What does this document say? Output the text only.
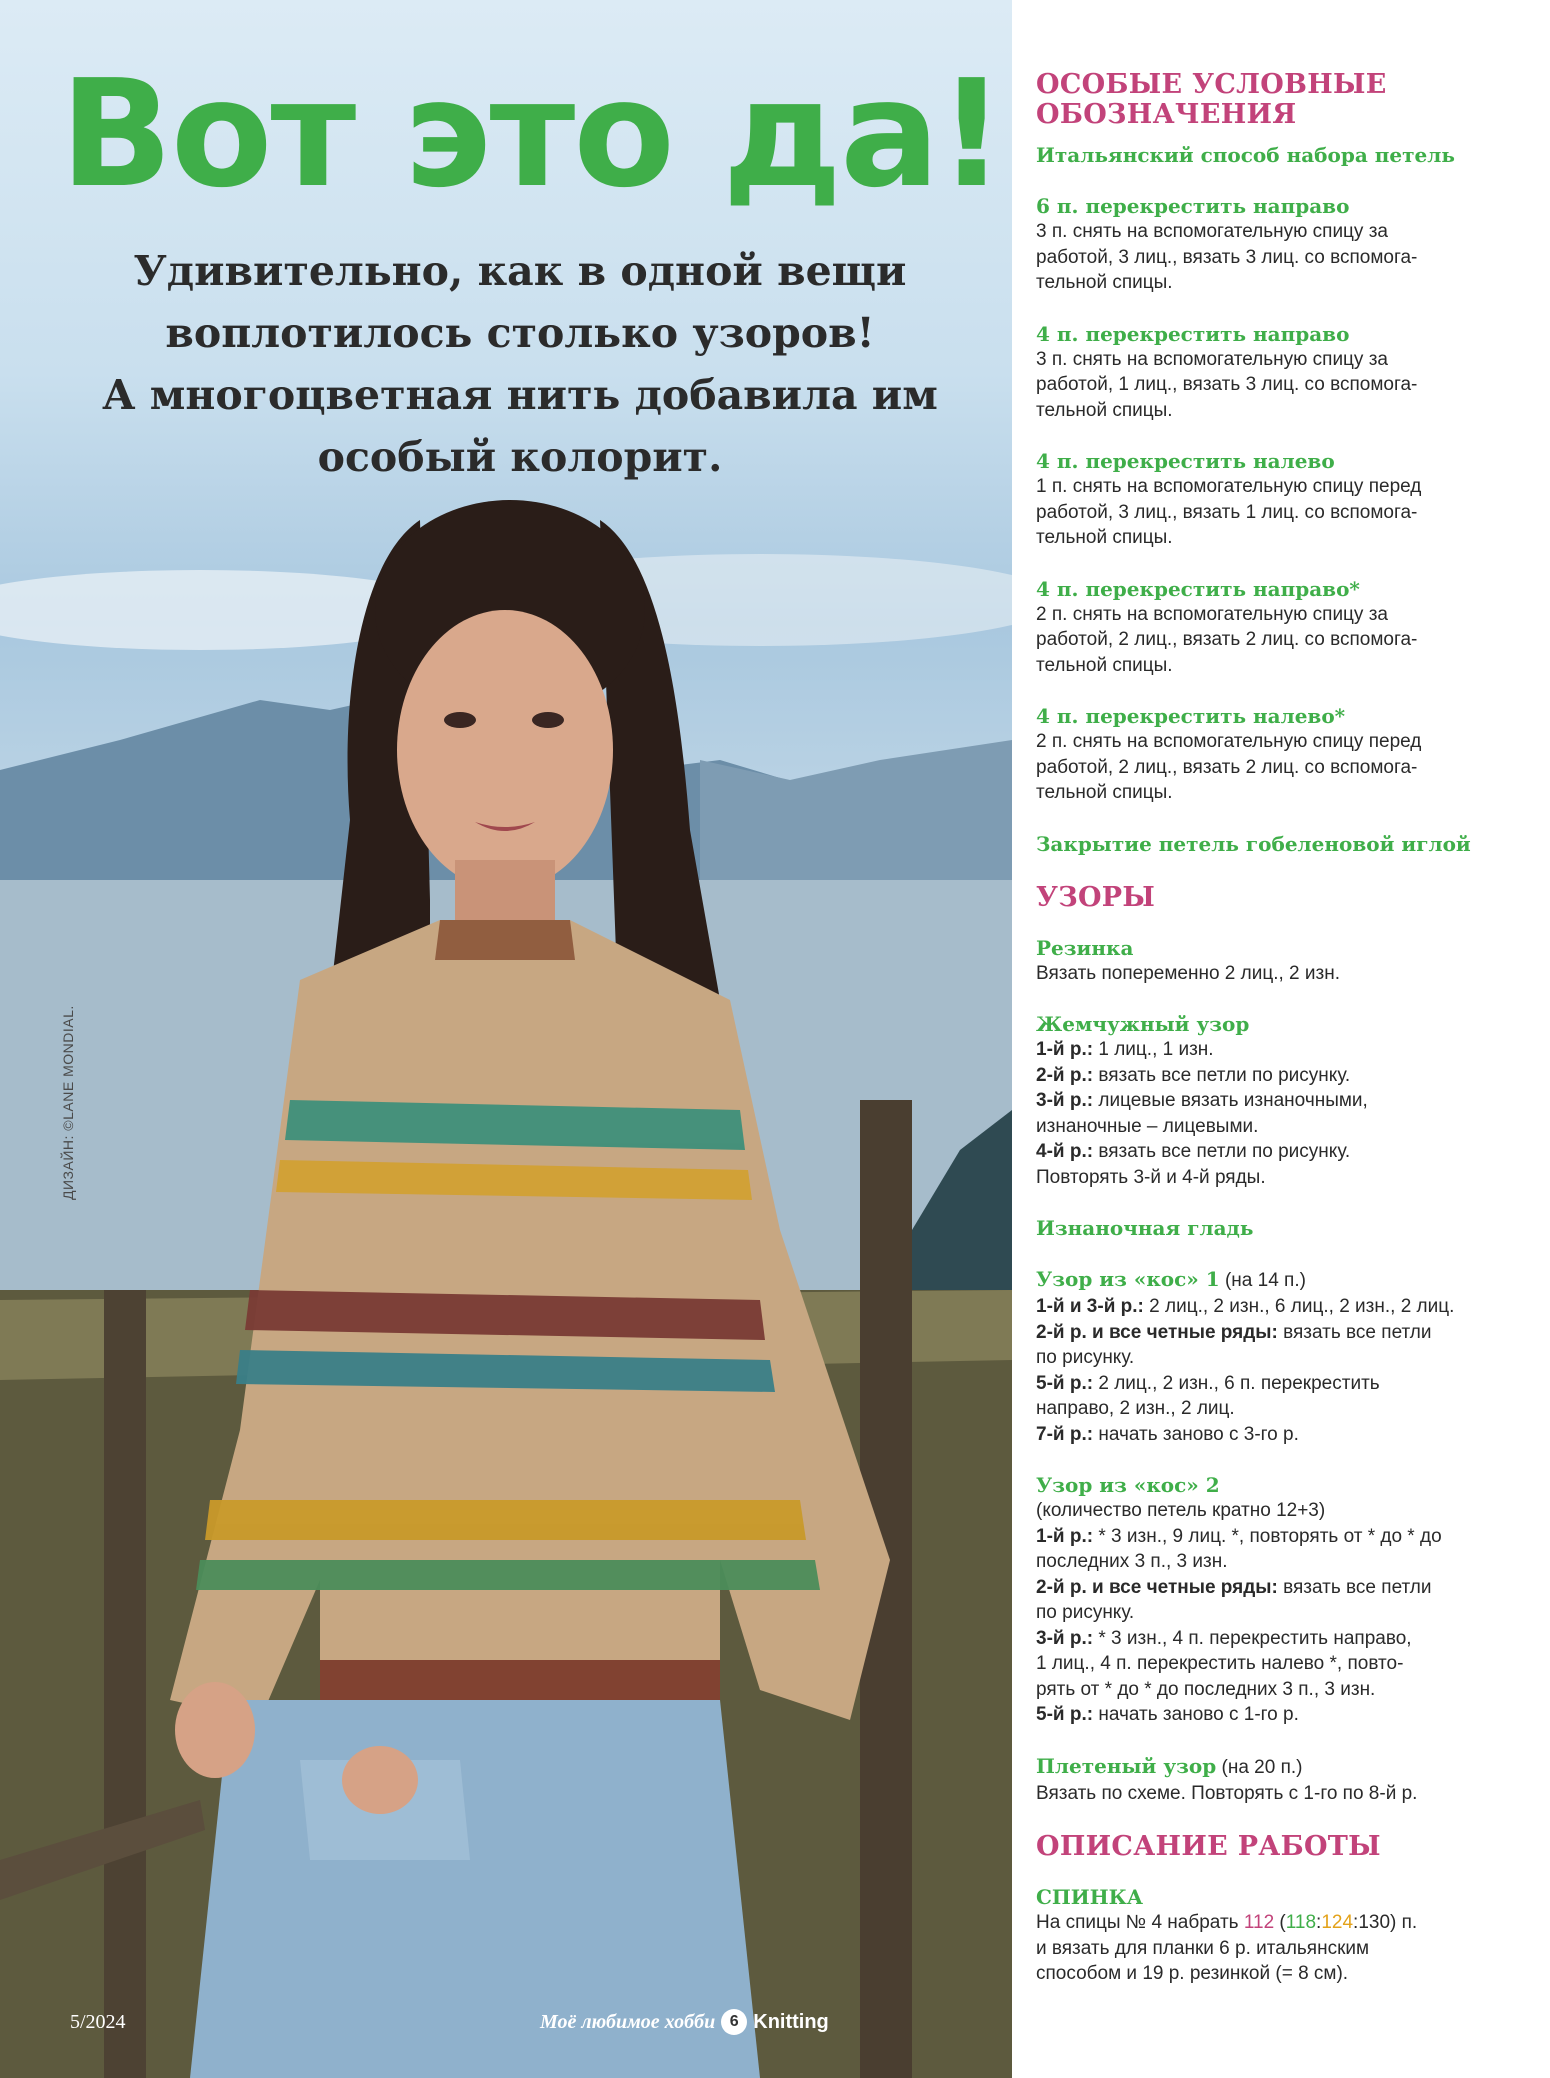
Вот это да!
Удивительно, как в одной вещи
воплотилось столько узоров!
А многоцветная нить добавила им
особый колорит.
ДИЗАЙН: ©LANE MONDIAL.
5/2024	Моё любимое хобби 6 Knitting
ОСОБЫЕ УСЛОВНЫЕ ОБОЗНАЧЕНИЯ
Итальянский способ набора петель
6 п. перекрестить направо
3 п. снять на вспомогательную спицу за
работой, 3 лиц., вязать 3 лиц. со вспомога-
тельной спицы.
4 п. перекрестить направо
3 п. снять на вспомогательную спицу за
работой, 1 лиц., вязать 3 лиц. со вспомога-
тельной спицы.
4 п. перекрестить налево
1 п. снять на вспомогательную спицу перед
работой, 3 лиц., вязать 1 лиц. со вспомога-
тельной спицы.
4 п. перекрестить направо*
2 п. снять на вспомогательную спицу за
работой, 2 лиц., вязать 2 лиц. со вспомога-
тельной спицы.
4 п. перекрестить налево*
2 п. снять на вспомогательную спицу перед
работой, 2 лиц., вязать 2 лиц. со вспомога-
тельной спицы.
Закрытие петель гобеленовой иглой
УЗОРЫ
Резинка
Вязать попеременно 2 лиц., 2 изн.
Жемчужный узор
1-й р.: 1 лиц., 1 изн.
2-й р.: вязать все петли по рисунку.
3-й р.: лицевые вязать изнаночными,
изнаночные – лицевыми.
4-й р.: вязать все петли по рисунку.
Повторять 3-й и 4-й ряды.
Изнаночная гладь
Узор из «кос» 1 (на 14 п.)
1-й и 3-й р.: 2 лиц., 2 изн., 6 лиц., 2 изн., 2 лиц.
2-й р. и все четные ряды: вязать все петли
по рисунку.
5-й р.: 2 лиц., 2 изн., 6 п. перекрестить
направо, 2 изн., 2 лиц.
7-й р.: начать заново с 3-го р.
Узор из «кос» 2
(количество петель кратно 12+3)
1-й р.: * 3 изн., 9 лиц. *, повторять от * до * до
последних 3 п., 3 изн.
2-й р. и все четные ряды: вязать все петли
по рисунку.
3-й р.: * 3 изн., 4 п. перекрестить направо,
1 лиц., 4 п. перекрестить налево *, повто-
рять от * до * до последних 3 п., 3 изн.
5-й р.: начать заново с 1-го р.
Плетеный узор (на 20 п.)
Вязать по схеме. Повторять с 1-го по 8-й р.
ОПИСАНИЕ РАБОТЫ
СПИНКА
На спицы № 4 набрать 112 (118:124:130) п.
и вязать для планки 6 р. итальянским
способом и 19 р. резинкой (= 8 см).
